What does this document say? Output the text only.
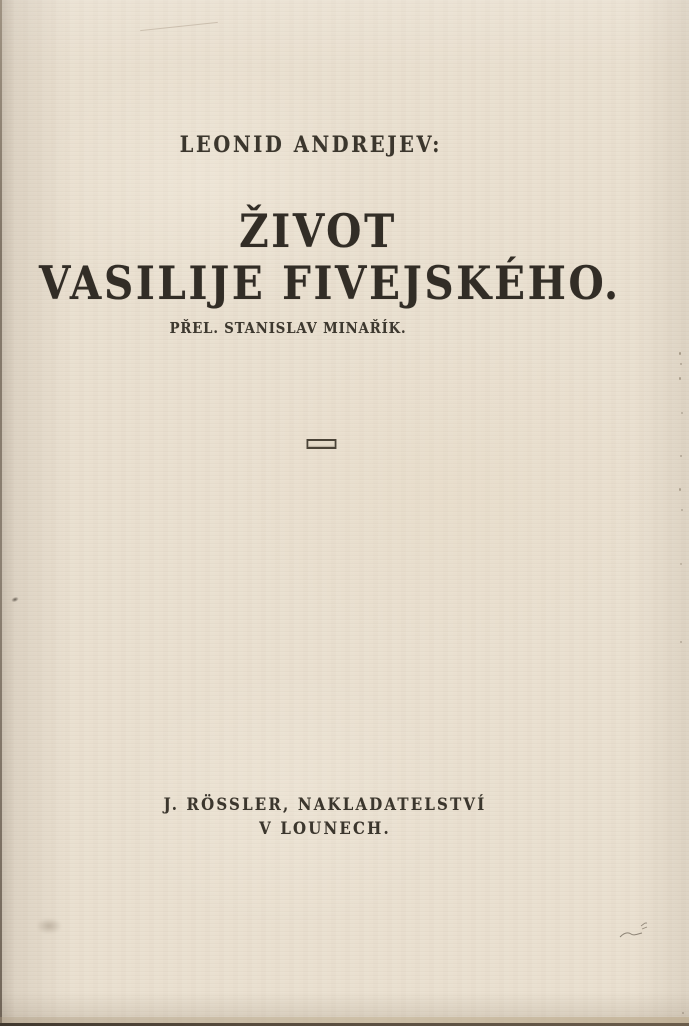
LEONID ANDREJEV:
ŽIVOT
VASILIJE FIVEJSKÉHO.
PŘEL. STANISLAV MINAŘÍK.
J. RÖSSLER, NAKLADATELSTVÍ
V LOUNECH.
